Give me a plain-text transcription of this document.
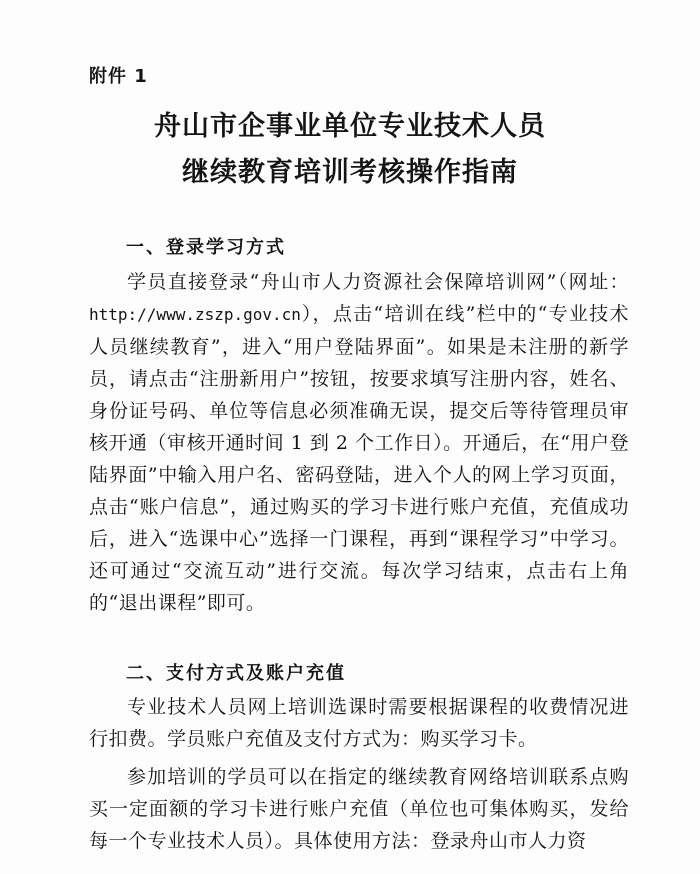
附件 1
舟山市企事业单位专业技术人员
继续教育培训考核操作指南
一、登录学习方式

学员直接登录“舟山市人力资源社会保障培训网”（网址：http://www.zszp.gov.cn），点击“培训在线”栏中的“专业技术人员继续教育”，进入“用户登陆界面”。如果是未注册的新学员，请点击“注册新用户”按钮，按要求填写注册内容，姓名、身份证号码、单位等信息必须准确无误，提交后等待管理员审核开通（审核开通时间 1 到 2 个工作日）。开通后，在“用户登陆界面”中输入用户名、密码登陆，进入个人的网上学习页面，点击“账户信息”，通过购买的学习卡进行账户充值，充值成功后，进入“选课中心”选择一门课程，再到“课程学习”中学习。还可通过“交流互动”进行交流。每次学习结束，点击右上角的“退出课程”即可。

二、支付方式及账户充值

专业技术人员网上培训选课时需要根据课程的收费情况进行扣费。学员账户充值及支付方式为：购买学习卡。

参加培训的学员可以在指定的继续教育网络培训联系点购买一定面额的学习卡进行账户充值（单位也可集体购买，发给每一个专业技术人员）。具体使用方法：登录舟山市人力资
